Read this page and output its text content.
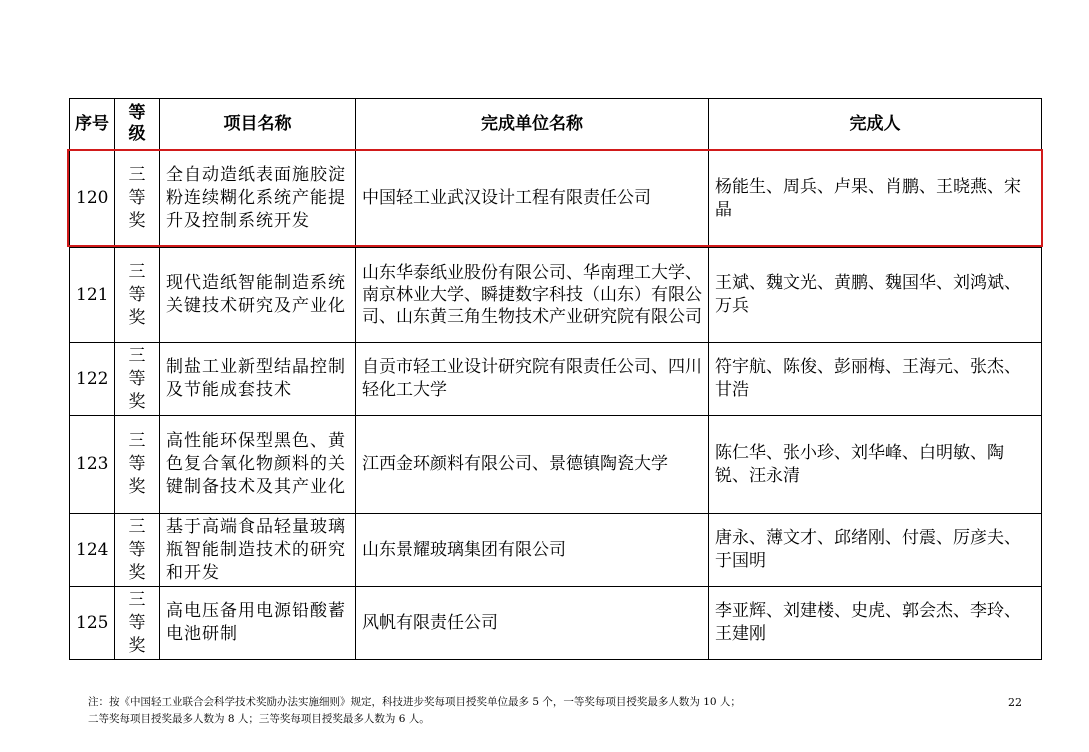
序号	等级	项目名称	完成单位名称	完成人
120	三等奖	全自动造纸表面施胶淀粉连续糊化系统产能提升及控制系统开发	中国轻工业武汉设计工程有限责任公司	杨能生、周兵、卢果、肖鹏、王晓燕、宋晶
121	三等奖	现代造纸智能制造系统关键技术研究及产业化	山东华泰纸业股份有限公司、华南理工大学、南京林业大学、瞬捷数字科技（山东）有限公司、山东黄三角生物技术产业研究院有限公司	王斌、魏文光、黄鹏、魏国华、刘鸿斌、万兵
122	三等奖	制盐工业新型结晶控制及节能成套技术	自贡市轻工业设计研究院有限责任公司、四川轻化工大学	符宇航、陈俊、彭丽梅、王海元、张杰、甘浩
123	三等奖	高性能环保型黑色、黄色复合氧化物颜料的关键制备技术及其产业化	江西金环颜料有限公司、景德镇陶瓷大学	陈仁华、张小珍、刘华峰、白明敏、陶锐、汪永清
124	三等奖	基于高端食品轻量玻璃瓶智能制造技术的研究和开发	山东景耀玻璃集团有限公司	唐永、薄文才、邱绪刚、付震、厉彦夫、于国明
125	三等奖	高电压备用电源铅酸蓄电池研制	风帆有限责任公司	李亚辉、刘建楼、史虎、郭会杰、李玲、王建刚
注：按《中国轻工业联合会科学技术奖励办法实施细则》规定，科技进步奖每项目授奖单位最多 5 个，一等奖每项目授奖最多人数为 10 人；
二等奖每项目授奖最多人数为 8 人；三等奖每项目授奖最多人数为 6 人。
22
